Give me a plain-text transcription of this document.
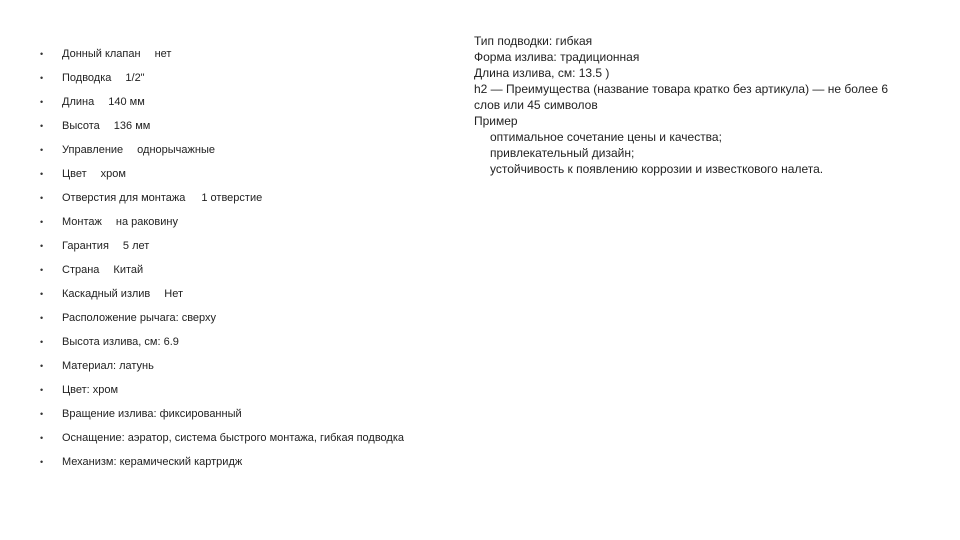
•	Донный клапан нет
•	Подводка 1/2"
•	Длина 140 мм
•	Высота 136 мм
•	Управление однорычажные
•	Цвет хром
•	Отверстия для монтажа 1 отверстие
•	Монтаж на раковину
•	Гарантия 5 лет
•	Страна Китай
•	Каскадный излив Нет
•	Расположение рычага: сверху
•	Высота излива, см: 6.9
•	Материал: латунь
•	Цвет: хром
•	Вращение излива: фиксированный
•	Оснащение: аэратор, система быстрого монтажа, гибкая подводка
•	Механизм: керамический картридж
Тип подводки: гибкая
Форма излива: традиционная
Длина излива, см: 13.5 )
h2 — Преимущества (название товара кратко без артикула) — не более 6 слов или 45 символов
Пример
оптимальное сочетание цены и качества;
привлекательный дизайн;
устойчивость к появлению коррозии и известкового налета.
